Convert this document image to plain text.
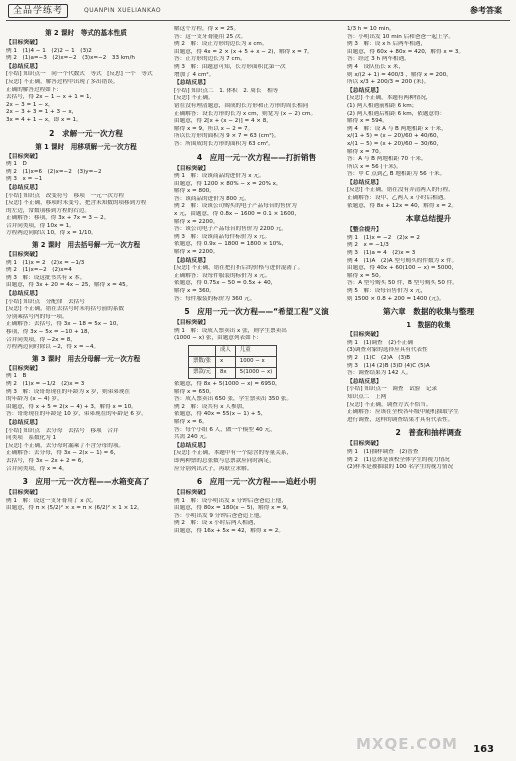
全品学练考	QUANPIN XUELIANKAO	参考答案
第 2 课时　等式的基本性质
【目标突破】
例 1　(1)4 − 1　(2)2 − 1　(3)2
例 2　(1)a=−3　(2)x=−2　(3)x=−2　33 km/h
【总结反思】
[小结] 知识点一　同一个代数式　等式　[反思] 一个　等式
[反思] 不正确，解答过程中出现了多出错误。
正确的解答过程如下：
去括号，得 2x − 1 − x + 1 = 1，
2x − 3 = 1 − x，
2x − 3 + 3 = 1 + 3 − x，
3x = 4 + 1 − x，即 x = 1。
2　求解一元一次方程
第 1 课时　用移项解一元一次方程
【目标突破】
例 1　D
例 2　(1)x=6　(2)x=−2　(3)y=−2
例 3　x = −1
【总结反思】
[小结] 知识点　改变符号　移项　一元一次方程
[反思] 不正确，移项时未变号，把含未知数的项移到方程
的左边，常数项移到方程的右边。
正确解答：移项，得 3x + 7x = 3 − 2。
合并同类项，得 10x = 1。
方程两边同除以 10，得 x = 1/10。
第 2 课时　用去括号解一元一次方程
【目标突破】
例 1　(1)x = 2　(2)x = −1/3
例 2　(1)x=−2　(2)x=4
例 3　解：设这批书共有 x 本。
由题意，得 3x + 20 = 4x − 25，解得 x = 45。
【总结反思】
[小结] 知识点　分配律　去括号
[反思] 不正确，错在去括号时未将括号前的系数
分别乘括号内的每一项。
正确解答：去括号，得 3x − 18 = 5x − 10，
移项，得 3x − 5x = −10 + 18，
合并同类项，得 −2x = 8，
方程两边同时除以 −2，得 x = −4。
第 3 课时　用去分母解一元一次方程
【目标突破】
例 1　B
例 2　(1)x = −1/2　(2)x = 3
例 3　解：设哥哥现在的年龄为 x 岁，则弟弟现在
的年龄为 (x − 4) 岁。
由题意，得 x + 5 = 2(x − 4) + 3，解得 x = 10。
答：哥哥现在的年龄是 10 岁，弟弟现在的年龄是 6 岁。
【总结反思】
[小结] 知识点　去分母　去括号　移项　合并
同类项　系数化为 1
[反思] 不正确，去分母时漏乘了不含分母的项。
正确解答：去分母，得 3x − 2(x − 1) = 6，
去括号，得 3x − 2x + 2 = 6，
合并同类项，得 x = 4。
3　应用一元一次方程——水箱变高了
【目标突破】
例 1　解：设这一支牙膏用了 x 次。
由题意，得 π × (5/2)² × x = π × (6/2)² × 1 × 12。
解这个方程，得 x = 25。
答：这一支牙膏能用 25 次。
例 2　解：设正方形的边长为 x cm。
由题意，得 4x = 2 × (x + 5 + x − 2)，解得 x = 7。
答：正方形的边长为 7 cm。
例 3　解：由题意可知，长方形面积比第一次
增加了 4 cm²。
【总结反思】
[小结] 知识点二　1. 体积　2. 周长　相等
[反思] 不正确。
错在没有理清题意，围成的长方形和正方形的周长相同
正确解答：设长方形的长为 x cm，则宽为 (x − 2) cm。
由题意，得 2[x + (x − 2)] = 4 × 8，
解得 x = 9，所以 x − 2 = 7。
所以长方形的面积为 9 × 7 = 63 (cm²)。
答：所围成的长方形的面积为 63 cm²。
4　应用一元一次方程——打折销售
【目标突破】
例 1　解：设该商品的进价为 x 元。
由题意，得 1200 × 80% − x = 20% x，
解得 x = 800。
答：该商品的进价为 800 元。
例 2　解：设该公司购买的电子产品每台的售价为
x 元，由题意，得 0.8x − 1600 = 0.1 × 1600，
解得 x = 2200。
答：该公司电子产品每台的售价为 2200 元。
例 3　解：设该商品每件标价为 x 元。
依题意，得 0.9x − 1800 = 1800 × 10%，
解得 x = 2200。
【总结反思】
[反思] 不正确，错在把打折后的价格与进价混淆了。
正确解答：设每件服装的标价为 x 元。
依题意，得 0.75x − 50 = 0.5x + 40，
解得 x = 360。
答：每件服装的标价为 360 元。
5　应用一元一次方程——“希望工程”义演
【目标突破】
例 1　解：设成人票卖出 x 张，则学生票卖出
(1000 − x) 张，由题意列表如下：
	成人	儿童
票数/张	x	1000 − x
票款/元	8x	5(1000 − x)
依题意，得 8x + 5(1000 − x) = 6950，
解得 x = 650。
答：成人票卖出 650 张，学生票卖出 350 张。
例 2　解：设共有 x 人参加，
依题意，得 40x = 55(x − 1) + 5，
解得 x = 6。
答：每个小组 6 人，做一个模型 40 元，
共需 240 元。
【总结反思】
[反思] 不正确，本题中有一个隐含的等量关系，
即两种票的总张数与总票款应同时满足，
应分别列出式子，再联立求解。
6　应用一元一次方程——追赶小明
【目标突破】
例 1　解：设小明出发 x 分钟后爸爸追上他，
由题意，得 80x = 180(x − 5)，解得 x = 9。
答：小明出发 9 分钟后爸爸追上他。
例 2　解：设 x 小时后两人相遇，
由题意，得 16x + 5x = 42，解得 x = 2。
1/3 h = 10 min。
答：小明出发 10 min 后和爸爸一起上学。
例 3　解：设 x h 后两车相遇，
由题意，得 60x + 80x = 420，解得 x = 3。
答：经过 3 h 两车相遇。
例 4　设队伍长 x 米，
则 x/(2 + 1) = 400/3 ，解得 x = 200。
所以 x/3 + 200/3 = 200 (米)。
【总结反思】
[反思] 不正确，本题有两种情况，
(1) 两人相遇前相距 6 km；
(2) 两人相遇后相距 6 km，依题意得：
解得 x = 594。
例 4　解：设 A 与 B 两地相距 x 千米，
x/(1 + 5) = (x − 20)/60 + 40/60，
x/(1 − 5) = (x + 20)/60 − 30/60，
解得 x = 70。
答：A 与 B 两地相距 70 千米。
所以 x = 56 (千米)。
答：甲 C 点到乙 B 地相距为 56 千米。
【总结反思】
[反思] 不正确，错在没有弄清两人的行程。
正确解答：设甲、乙两人 x 小时后相遇。
依题意，得 8x + 12x = 40，解得 x = 2。
本章总结提升
【整合提升】
例 1　(1)x = −2　(2)x = 2
例 2　x = −1/3
例 3　(1)a = 4　(2)x = 3
例 4　(1)A　(2)A 型号购买的件数为 x 件。
由题意，得 40x + 60(100 − x) = 5000，
解得 x = 50。
答：A 型号购买 50 件，B 型号购买 50 件。
例 5　解：设每台售价为 x 元，
则 1500 × 0.8 + 200 = 1400 (元)。
第六章　数据的收集与整理
1　数据的收集
【目标突破】
例 1　(1)调查　(2)不正确
(3)调查对象的选择应具有代表性
例 2　(1)C　(2)A　(3)B
例 3　(1)4 (2)B (3)D (4)C (5)A
答：调查结果为 142 人。
【总结反思】
[小结] 知识点一　调查　试验　记录
知识点二　上网
[反思] 不正确，调查方式不恰当。
正确解答：应该在全校各年级中随机抽取学生
进行调查，这样的调查结果才具有代表性。
2　普查和抽样调查
【目标突破】
例 1　(1)抽样调查　(2)普查
例 2　(1)总体是该校全体学生的视力情况
(2)样本是被抽取的 100 名学生的视力情况
MXQE.COM 163
